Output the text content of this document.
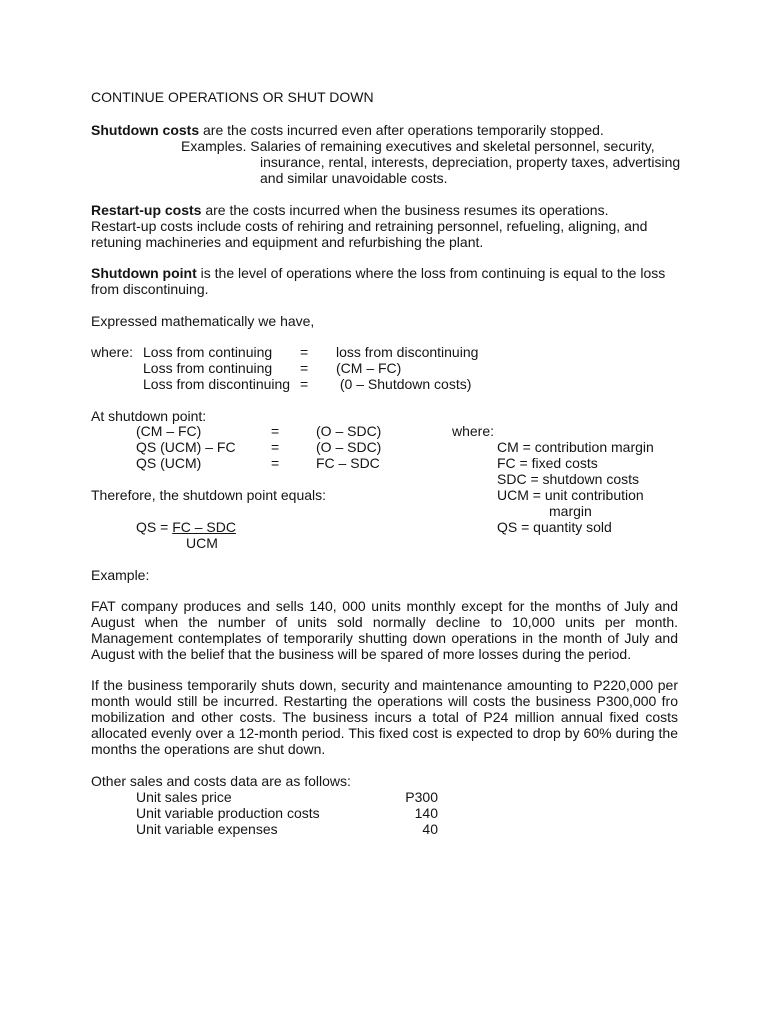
CONTINUE OPERATIONS OR SHUT DOWN
Shutdown costs are the costs incurred even after operations temporarily stopped.
Examples. Salaries of remaining executives and skeletal personnel, security,
insurance, rental, interests, depreciation, property taxes, advertising
and similar unavoidable costs.
Restart-up costs are the costs incurred when the business resumes its operations.
Restart-up costs include costs of rehiring and retraining personnel, refueling, aligning, and
retuning machineries and equipment and refurbishing the plant.
Shutdown point is the level of operations where the loss from continuing is equal to the loss
from discontinuing.
Expressed mathematically we have,
where: Loss from continuing = loss from discontinuing
Loss from continuing = (CM – FC)
Loss from discontinuing = (0 – Shutdown costs)
At shutdown point:
(CM – FC)	=	(O – SDC)
QS (UCM) – FC	=	(O – SDC)
QS (UCM)	=	FC – SDC
where:
CM = contribution margin
FC = fixed costs
SDC = shutdown costs
UCM = unit contribution
margin
QS = quantity sold
Therefore, the shutdown point equals:
QS = FC – SDC
UCM
Example:
FAT company produces and sells 140, 000 units monthly except for the months of July and August when the number of units sold normally decline to 10,000 units per month. Management contemplates of temporarily shutting down operations in the month of July and August with the belief that the business will be spared of more losses during the period.
If the business temporarily shuts down, security and maintenance amounting to P220,000 per month would still be incurred. Restarting the operations will costs the business P300,000 fro mobilization and other costs. The business incurs a total of P24 million annual fixed costs allocated evenly over a 12-month period. This fixed cost is expected to drop by 60% during the months the operations are shut down.
Other sales and costs data are as follows:
Unit sales price	P300
Unit variable production costs	140
Unit variable expenses	40
